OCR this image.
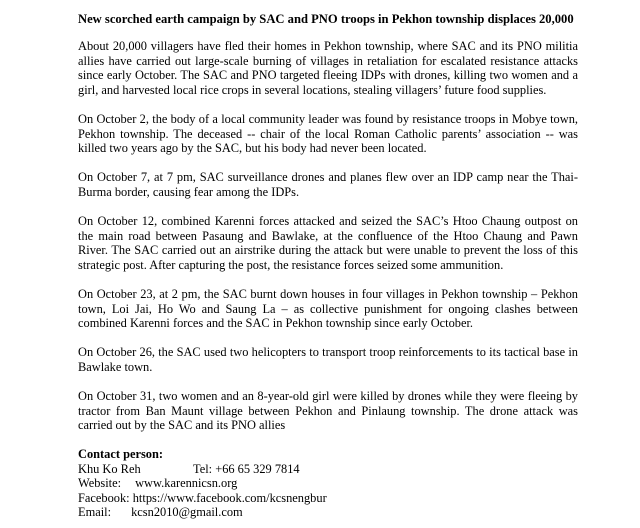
New scorched earth campaign by SAC and PNO troops in Pekhon township displaces 20,000

About 20,000 villagers have fled their homes in Pekhon township, where SAC and its PNO militia allies have carried out large-scale burning of villages in retaliation for escalated resistance attacks since early October. The SAC and PNO targeted fleeing IDPs with drones, killing two women and a girl, and harvested local rice crops in several locations, stealing villagers’ future food supplies.

On October 2, the body of a local community leader was found by resistance troops in Mobye town, Pekhon township. The deceased -- chair of the local Roman Catholic parents’ association -- was killed two years ago by the SAC, but his body had never been located.

On October 7, at 7 pm, SAC surveillance drones and planes flew over an IDP camp near the Thai-Burma border, causing fear among the IDPs.

On October 12, combined Karenni forces attacked and seized the SAC’s Htoo Chaung outpost on the main road between Pasaung and Bawlake, at the confluence of the Htoo Chaung and Pawn River. The SAC carried out an airstrike during the attack but were unable to prevent the loss of this strategic post. After capturing the post, the resistance forces seized some ammunition.

On October 23, at 2 pm, the SAC burnt down houses in four villages in Pekhon township – Pekhon town, Loi Jai, Ho Wo and Saung La – as collective punishment for ongoing clashes between combined Karenni forces and the SAC in Pekhon township since early October.

On October 26, the SAC used two helicopters to transport troop reinforcements to its tactical base in Bawlake town.

On October 31, two women and an 8-year-old girl were killed by drones while they were fleeing by tractor from Ban Maunt village between Pekhon and Pinlaung township. The drone attack was carried out by the SAC and its PNO allies

Contact person:
Khu Ko Reh	Tel: +66 65 329 7814
Website: www.karennicsn.org
Facebook: https://www.facebook.com/kcsnengbur
Email: kcsn2010@gmail.com
